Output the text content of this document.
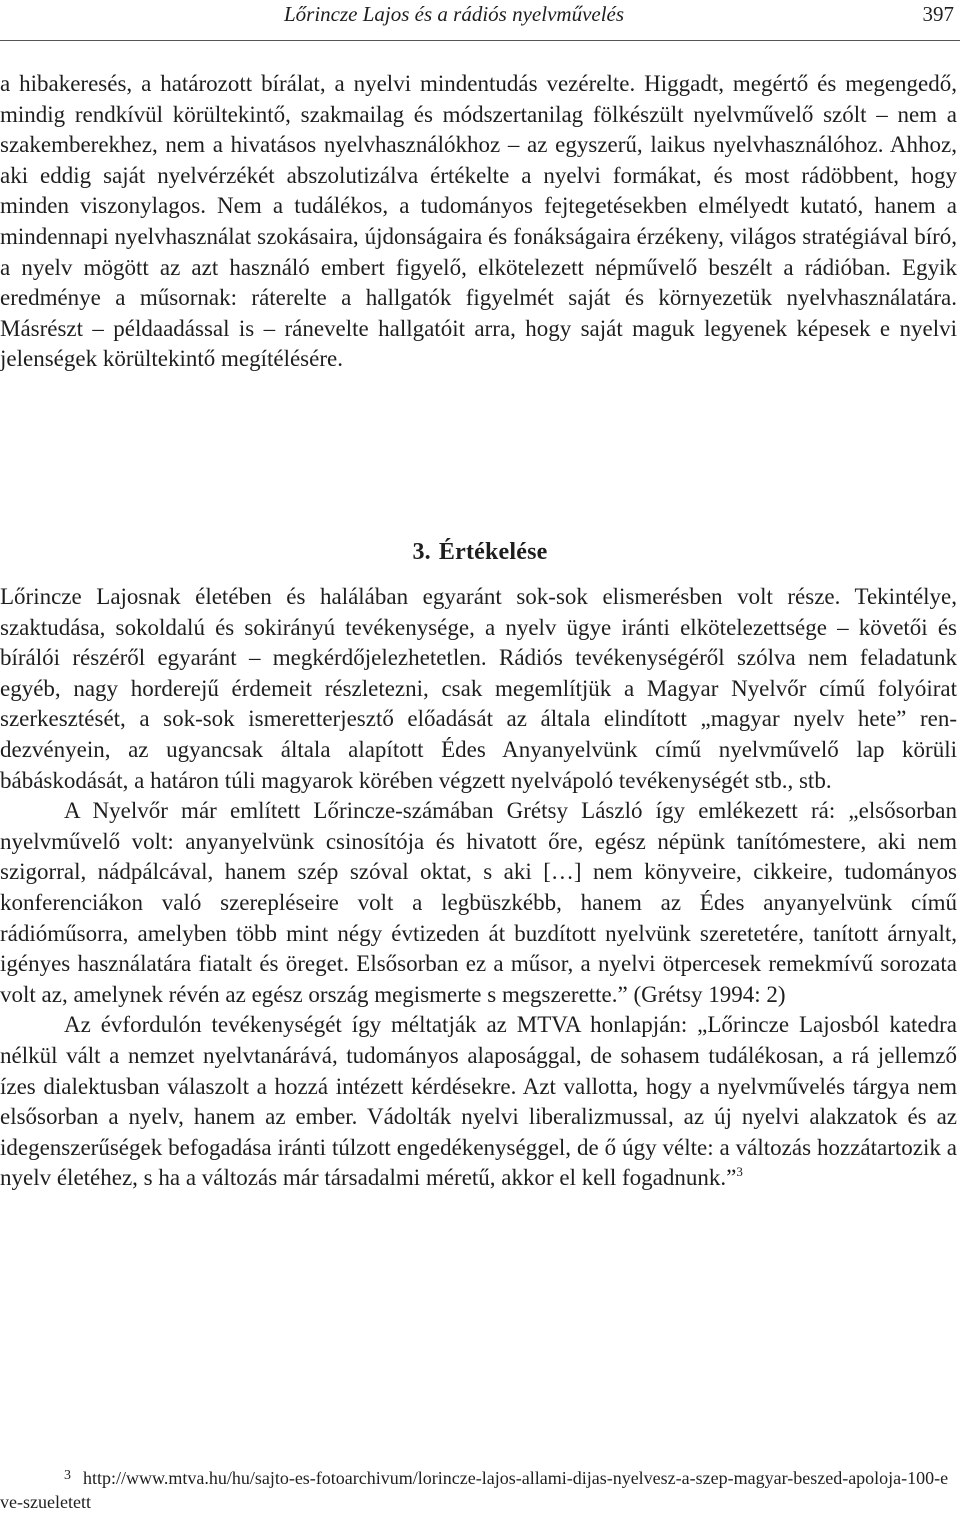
Lőrincze Lajos és a rádiós nyelvművelés	397

a hibakeresés, a határozott bírálat, a nyelvi mindentudás vezérelte. Higgadt, megértő és megengedő, mindig rendkívül körültekintő, szakmailag és módszertanilag fölkészült nyelvművelő szólt – nem a szakemberekhez, nem a hivatásos nyelvhasználókhoz – az egyszerű, laikus nyelvhasználóhoz. Ahhoz, aki eddig saját nyelvérzékét abszolutizálva értékelte a nyelvi formákat, és most rádöbbent, hogy minden viszonylagos. Nem a tudálékos, a tudományos fejtegetésekben elmélyedt kutató, hanem a mindennapi nyelvhasználat szokásaira, újdonságaira és fonákságaira érzékeny, világos stratégiával bíró, a nyelv mögött az azt használó embert figyelő, elkötelezett népművelő beszélt a rádióban. Egyik eredménye a műsornak: ráterelte a hallgatók figyelmét saját és környezetük nyelvhasználatára. Másrészt – példaadással is – ránevelte hallgatóit arra, hogy saját maguk legyenek képesek e nyelvi jelenségek körültekintő megítélésére.

3. Értékelése

Lőrincze Lajosnak életében és halálában egyaránt sok-sok elismerésben volt része. Tekintélye, szaktudása, sokoldalú és sokirányú tevékenysége, a nyelv ügye iránti elkötelezettsége – követői és bírálói részéről egyaránt – megkérdőjelezhetetlen. Rádiós tevékenységéről szólva nem feladatunk egyéb, nagy horderejű érdemeit részletezni, csak megemlítjük a Magyar Nyelvőr című folyóirat szerkesztését, a sok-sok ismeretterjesztő előadását az általa elindított „magyar nyelv hete” rendezvényein, az ugyancsak általa alapított Édes Anyanyelvünk című nyelvművelő lap körüli bábáskodását, a határon túli magyarok körében végzett nyelvápoló tevékenységét stb., stb.

A Nyelvőr már említett Lőrincze-számában Grétsy László így emlékezett rá: „elsősorban nyelvművelő volt: anyanyelvünk csinosítója és hivatott őre, egész népünk tanítómestere, aki nem szigorral, nádpálcával, hanem szép szóval oktat, s aki […] nem könyveire, cikkeire, tudományos konferenciákon való szerepléseire volt a legbüszkébb, hanem az Édes anyanyelvünk című rádióműsorra, amelyben több mint négy évtizeden át buzdított nyelvünk szeretetére, tanított árnyalt, igényes használatára fiatalt és öreget. Elsősorban ez a műsor, a nyelvi ötpercesek remekmívű sorozata volt az, amelynek révén az egész ország megismerte s megszerette.” (Grétsy 1994: 2)

Az évfordulón tevékenységét így méltatják az MTVA honlapján: „Lőrincze Lajosból katedra nélkül vált a nemzet nyelvtanárává, tudományos alaposággal, de sohasem tudálékosan, a rá jellemző ízes dialektusban válaszolt a hozzá intézett kérdésekre. Azt vallotta, hogy a nyelvművelés tárgya nem elsősorban a nyelv, hanem az ember. Vádolták nyelvi liberalizmussal, az új nyelvi alakzatok és az idegenszerűségek befogadása iránti túlzott engedékenységgel, de ő úgy vélte: a változás hozzátartozik a nyelv életéhez, s ha a változás már társadalmi méretű, akkor el kell fogadnunk.”$^3$

3 http://www.mtva.hu/hu/sajto-es-fotoarchivum/lorincze-lajos-allami-dijas-nyelvesz-a-szep-magyar-beszed-apoloja-100-eve-szueletett
